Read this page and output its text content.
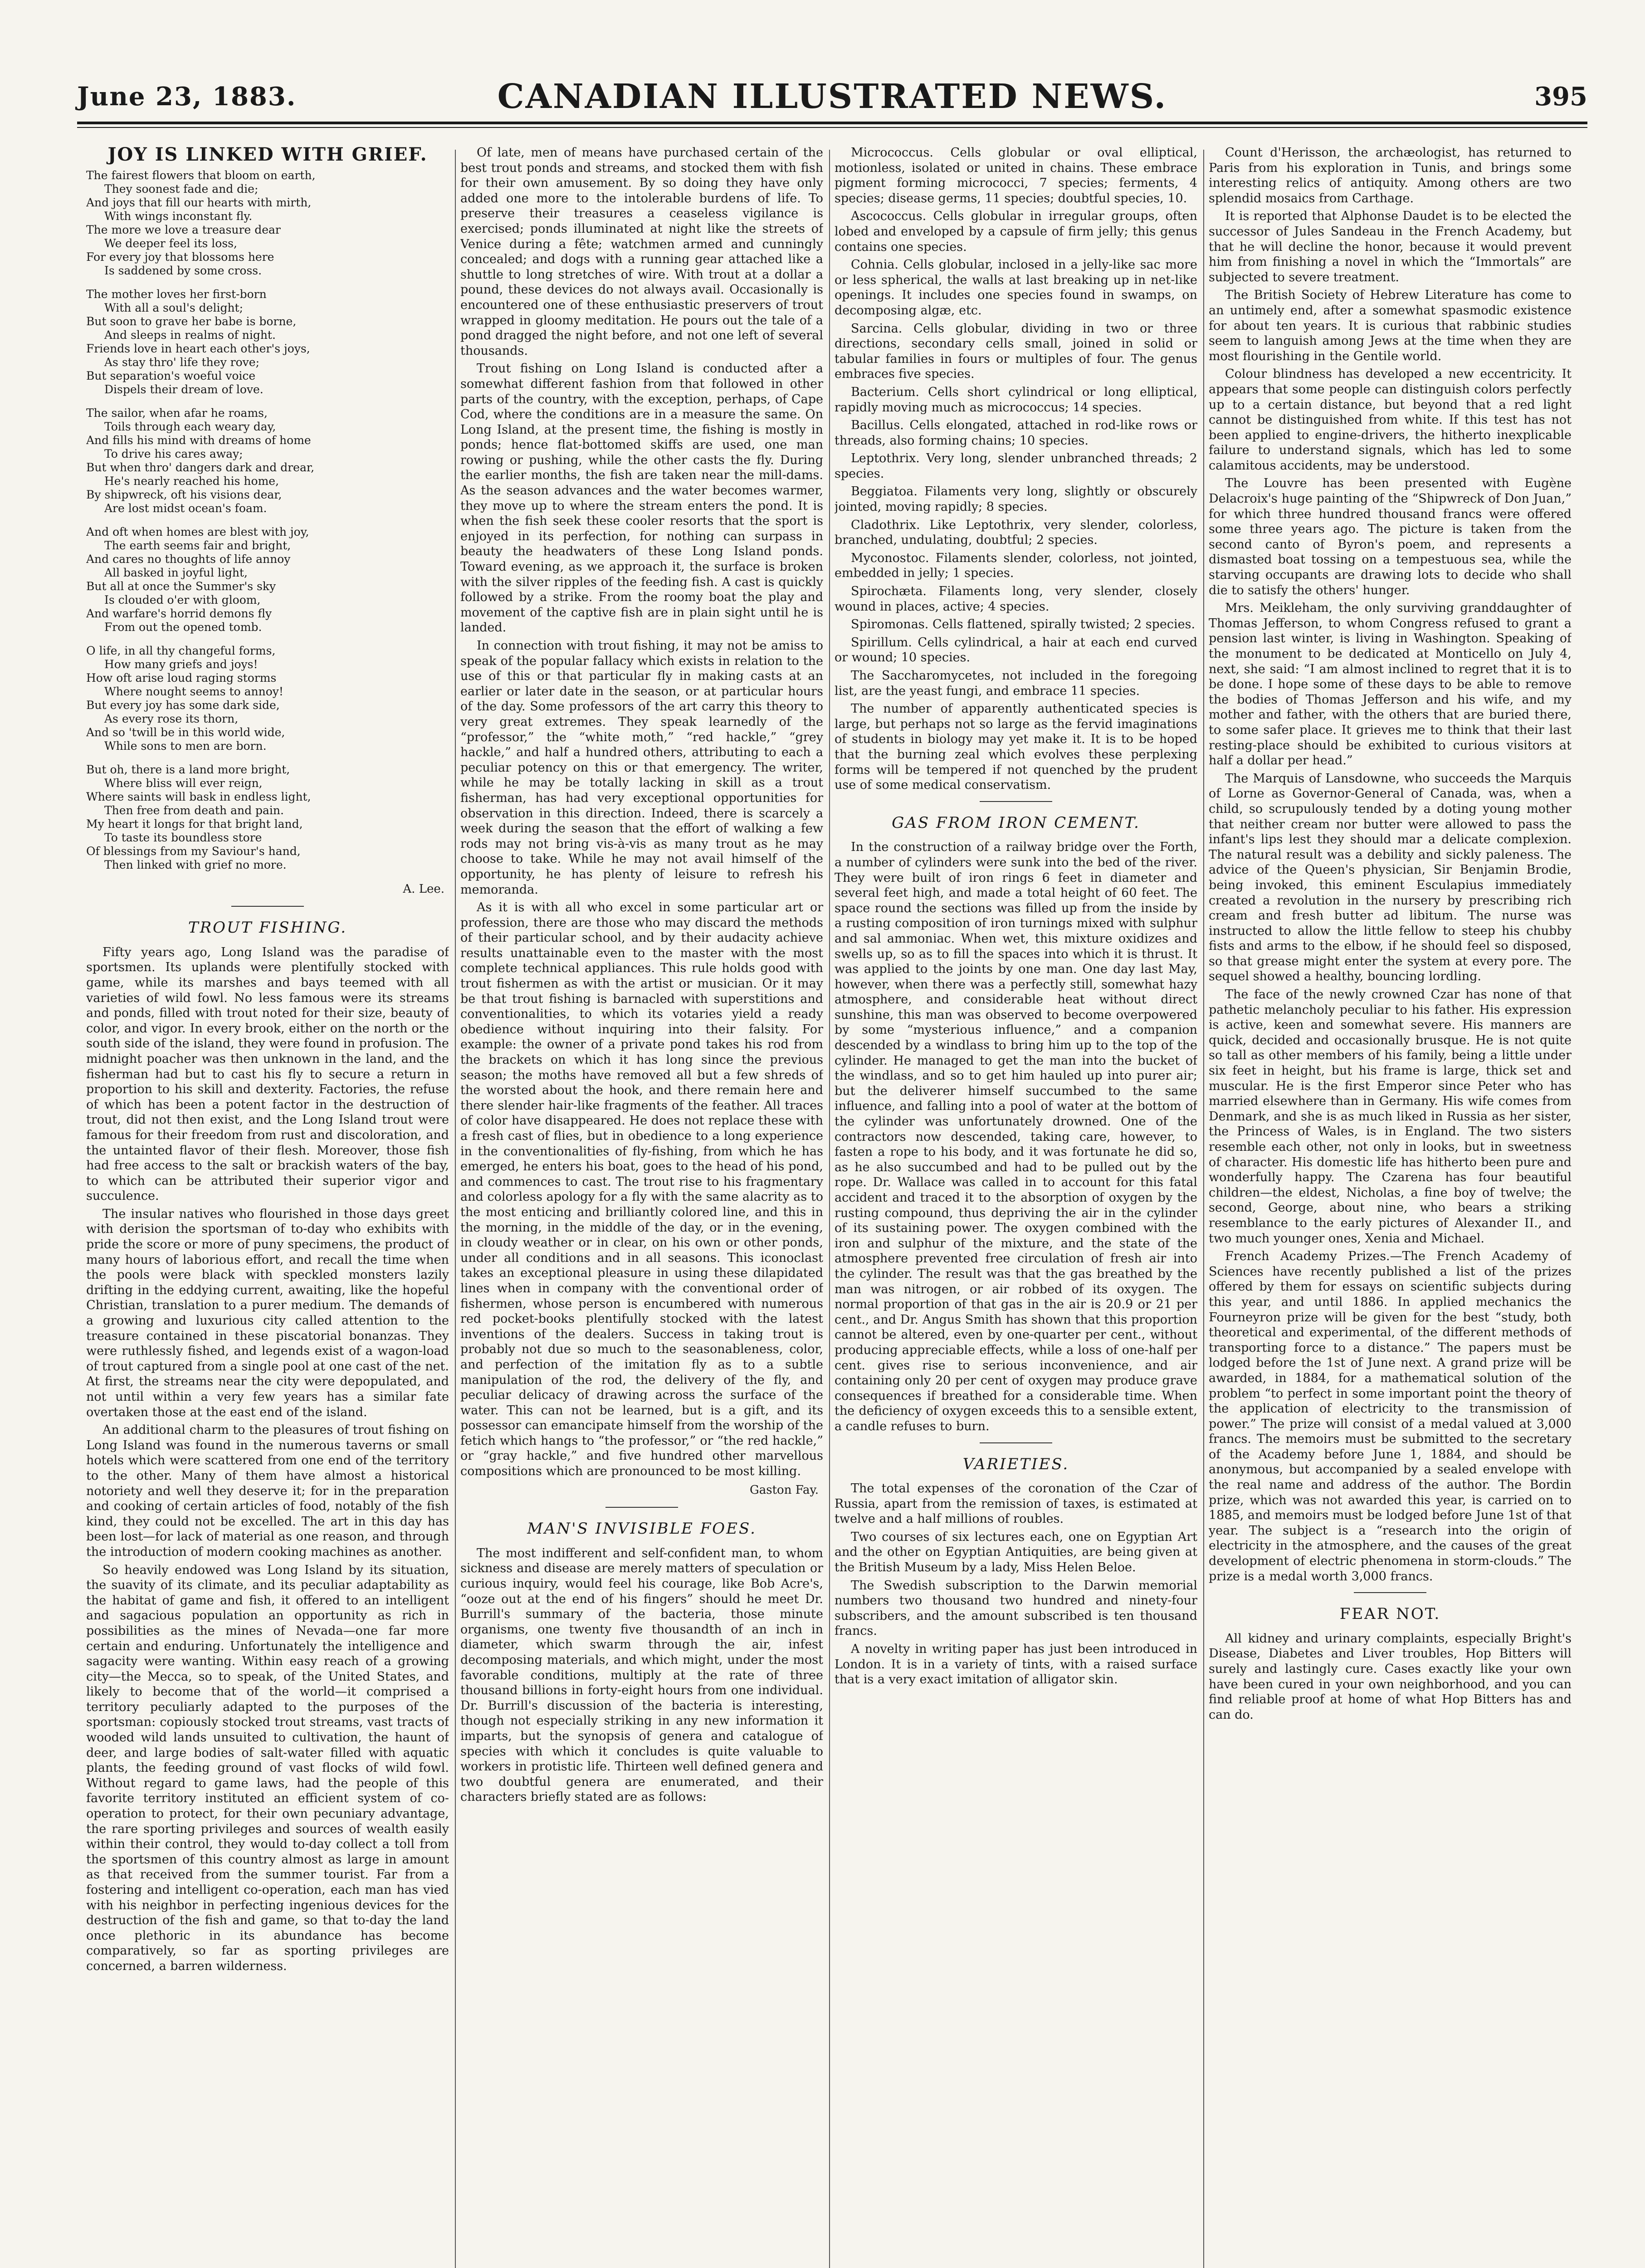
June 23, 1883.	CANADIAN ILLUSTRATED NEWS.	395
JOY IS LINKED WITH GRIEF.
The fairest flowers that bloom on earth,
They soonest fade and die;
And joys that fill our hearts with mirth,
With wings inconstant fly.
The more we love a treasure dear
We deeper feel its loss,
For every joy that blossoms here
Is saddened by some cross.
The mother loves her first-born
With all a soul's delight;
But soon to grave her babe is borne,
And sleeps in realms of night.
Friends love in heart each other's joys,
As stay thro' life they rove;
But separation's woeful voice
Dispels their dream of love.
The sailor, when afar he roams,
Toils through each weary day,
And fills his mind with dreams of home
To drive his cares away;
But when thro' dangers dark and drear,
He's nearly reached his home,
By shipwreck, oft his visions dear,
Are lost midst ocean's foam.
And oft when homes are blest with joy,
The earth seems fair and bright,
And cares no thoughts of life annoy
All basked in joyful light,
But all at once the Summer's sky
Is clouded o'er with gloom,
And warfare's horrid demons fly
From out the opened tomb.
O life, in all thy changeful forms,
How many griefs and joys!
How oft arise loud raging storms
Where nought seems to annoy!
But every joy has some dark side,
As every rose its thorn,
And so 'twill be in this world wide,
While sons to men are born.
But oh, there is a land more bright,
Where bliss will ever reign,
Where saints will bask in endless light,
Then free from death and pain.
My heart it longs for that bright land,
To taste its boundless store
Of blessings from my Saviour's hand,
Then linked with grief no more.
A. Lee.
TROUT FISHING.

Fifty years ago, Long Island was the paradise of sportsmen. Its uplands were plentifully stocked with game, while its marshes and bays teemed with all varieties of wild fowl. No less famous were its streams and ponds, filled with trout noted for their size, beauty of color, and vigor. In every brook, either on the north or the south side of the island, they were found in profusion. The midnight poacher was then unknown in the land, and the fisherman had but to cast his fly to secure a return in proportion to his skill and dexterity. Factories, the refuse of which has been a potent factor in the destruction of trout, did not then exist, and the Long Island trout were famous for their freedom from rust and discoloration, and the untainted flavor of their flesh. Moreover, those fish had free access to the salt or brackish waters of the bay, to which can be attributed their superior vigor and succulence.

The insular natives who flourished in those days greet with derision the sportsman of to-day who exhibits with pride the score or more of puny specimens, the product of many hours of laborious effort, and recall the time when the pools were black with speckled monsters lazily drifting in the eddying current, awaiting, like the hopeful Christian, translation to a purer medium. The demands of a growing and luxurious city called attention to the treasure contained in these piscatorial bonanzas. They were ruthlessly fished, and legends exist of a wagon-load of trout captured from a single pool at one cast of the net. At first, the streams near the city were depopulated, and not until within a very few years has a similar fate overtaken those at the east end of the island.

An additional charm to the pleasures of trout fishing on Long Island was found in the numerous taverns or small hotels which were scattered from one end of the territory to the other. Many of them have almost a historical notoriety and well they deserve it; for in the preparation and cooking of certain articles of food, notably of the fish kind, they could not be excelled. The art in this day has been lost—for lack of material as one reason, and through the introduction of modern cooking machines as another.

So heavily endowed was Long Island by its situation, the suavity of its climate, and its peculiar adaptability as the habitat of game and fish, it offered to an intelligent and sagacious population an opportunity as rich in possibilities as the mines of Nevada—one far more certain and enduring. Unfortunately the intelligence and sagacity were wanting. Within easy reach of a growing city—the Mecca, so to speak, of the United States, and likely to become that of the world—it comprised a territory peculiarly adapted to the purposes of the sportsman: copiously stocked trout streams, vast tracts of wooded wild lands unsuited to cultivation, the haunt of deer, and large bodies of salt-water filled with aquatic plants, the feeding ground of vast flocks of wild fowl. Without regard to game laws, had the people of this favorite territory instituted an efficient system of co-operation to protect, for their own pecuniary advantage, the rare sporting privileges and sources of wealth easily within their control, they would to-day collect a toll from the sportsmen of this country almost as large in amount as that received from the summer tourist. Far from a fostering and intelligent co-operation, each man has vied with his neighbor in perfecting ingenious devices for the destruction of the fish and game, so that to-day the land once plethoric in its abundance has become comparatively, so far as sporting privileges are concerned, a barren wilderness.

Of late, men of means have purchased certain of the best trout ponds and streams, and stocked them with fish for their own amusement. By so doing they have only added one more to the intolerable burdens of life. To preserve their treasures a ceaseless vigilance is exercised; ponds illuminated at night like the streets of Venice during a fête; watchmen armed and cunningly concealed; and dogs with a running gear attached like a shuttle to long stretches of wire. With trout at a dollar a pound, these devices do not always avail. Occasionally is encountered one of these enthusiastic preservers of trout wrapped in gloomy meditation. He pours out the tale of a pond dragged the night before, and not one left of several thousands.

Trout fishing on Long Island is conducted after a somewhat different fashion from that followed in other parts of the country, with the exception, perhaps, of Cape Cod, where the conditions are in a measure the same. On Long Island, at the present time, the fishing is mostly in ponds; hence flat-bottomed skiffs are used, one man rowing or pushing, while the other casts the fly. During the earlier months, the fish are taken near the mill-dams. As the season advances and the water becomes warmer, they move up to where the stream enters the pond. It is when the fish seek these cooler resorts that the sport is enjoyed in its perfection, for nothing can surpass in beauty the headwaters of these Long Island ponds. Toward evening, as we approach it, the surface is broken with the silver ripples of the feeding fish. A cast is quickly followed by a strike. From the roomy boat the play and movement of the captive fish are in plain sight until he is landed.

In connection with trout fishing, it may not be amiss to speak of the popular fallacy which exists in relation to the use of this or that particular fly in making casts at an earlier or later date in the season, or at particular hours of the day. Some professors of the art carry this theory to very great extremes. They speak learnedly of the “professor,” the “white moth,” “red hackle,” “grey hackle,” and half a hundred others, attributing to each a peculiar potency on this or that emergency. The writer, while he may be totally lacking in skill as a trout fisherman, has had very exceptional opportunities for observation in this direction. Indeed, there is scarcely a week during the season that the effort of walking a few rods may not bring vis-à-vis as many trout as he may choose to take. While he may not avail himself of the opportunity, he has plenty of leisure to refresh his memoranda.

As it is with all who excel in some particular art or profession, there are those who may discard the methods of their particular school, and by their audacity achieve results unattainable even to the master with the most complete technical appliances. This rule holds good with trout fishermen as with the artist or musician. Or it may be that trout fishing is barnacled with superstitions and conventionalities, to which its votaries yield a ready obedience without inquiring into their falsity. For example: the owner of a private pond takes his rod from the brackets on which it has long since the previous season; the moths have removed all but a few shreds of the worsted about the hook, and there remain here and there slender hair-like fragments of the feather. All traces of color have disappeared. He does not replace these with a fresh cast of flies, but in obedience to a long experience in the conventionalities of fly-fishing, from which he has emerged, he enters his boat, goes to the head of his pond, and commences to cast. The trout rise to his fragmentary and colorless apology for a fly with the same alacrity as to the most enticing and brilliantly colored line, and this in the morning, in the middle of the day, or in the evening, in cloudy weather or in clear, on his own or other ponds, under all conditions and in all seasons. This iconoclast takes an exceptional pleasure in using these dilapidated lines when in company with the conventional order of fishermen, whose person is encumbered with numerous red pocket-books plentifully stocked with the latest inventions of the dealers. Success in taking trout is probably not due so much to the seasonableness, color, and perfection of the imitation fly as to a subtle manipulation of the rod, the delivery of the fly, and peculiar delicacy of drawing across the surface of the water. This can not be learned, but is a gift, and its possessor can emancipate himself from the worship of the fetich which hangs to “the professor,” or “the red hackle,” or “gray hackle,” and five hundred other marvellous compositions which are pronounced to be most killing.

Gaston Fay.
MAN'S INVISIBLE FOES.

The most indifferent and self-confident man, to whom sickness and disease are merely matters of speculation or curious inquiry, would feel his courage, like Bob Acre's, “ooze out at the end of his fingers” should he meet Dr. Burrill's summary of the bacteria, those minute organisms, one twenty five thousandth of an inch in diameter, which swarm through the air, infest decomposing materials, and which might, under the most favorable conditions, multiply at the rate of three thousand billions in forty-eight hours from one individual. Dr. Burrill's discussion of the bacteria is interesting, though not especially striking in any new information it imparts, but the synopsis of genera and catalogue of species with which it concludes is quite valuable to workers in protistic life. Thirteen well defined genera and two doubtful genera are enumerated, and their characters briefly stated are as follows:

Micrococcus. Cells globular or oval elliptical, motionless, isolated or united in chains. These embrace pigment forming micrococci, 7 species; ferments, 4 species; disease germs, 11 species; doubtful species, 10.

Ascococcus. Cells globular in irregular groups, often lobed and enveloped by a capsule of firm jelly; this genus contains one species.

Cohnia. Cells globular, inclosed in a jelly-like sac more or less spherical, the walls at last breaking up in net-like openings. It includes one species found in swamps, on decomposing algæ, etc.

Sarcina. Cells globular, dividing in two or three directions, secondary cells small, joined in solid or tabular families in fours or multiples of four. The genus embraces five species.

Bacterium. Cells short cylindrical or long elliptical, rapidly moving much as micrococcus; 14 species.

Bacillus. Cells elongated, attached in rod-like rows or threads, also forming chains; 10 species.

Leptothrix. Very long, slender unbranched threads; 2 species.

Beggiatoa. Filaments very long, slightly or obscurely jointed, moving rapidly; 8 species.

Cladothrix. Like Leptothrix, very slender, colorless, branched, undulating, doubtful; 2 species.

Myconostoc. Filaments slender, colorless, not jointed, embedded in jelly; 1 species.

Spirochæta. Filaments long, very slender, closely wound in places, active; 4 species.

Spiromonas. Cells flattened, spirally twisted; 2 species.

Spirillum. Cells cylindrical, a hair at each end curved or wound; 10 species.

The Saccharomycetes, not included in the foregoing list, are the yeast fungi, and embrace 11 species.

The number of apparently authenticated species is large, but perhaps not so large as the fervid imaginations of students in biology may yet make it. It is to be hoped that the burning zeal which evolves these perplexing forms will be tempered if not quenched by the prudent use of some medical conservatism.

GAS FROM IRON CEMENT.

In the construction of a railway bridge over the Forth, a number of cylinders were sunk into the bed of the river. They were built of iron rings 6 feet in diameter and several feet high, and made a total height of 60 feet. The space round the sections was filled up from the inside by a rusting composition of iron turnings mixed with sulphur and sal ammoniac. When wet, this mixture oxidizes and swells up, so as to fill the spaces into which it is thrust. It was applied to the joints by one man. One day last May, however, when there was a perfectly still, somewhat hazy atmosphere, and considerable heat without direct sunshine, this man was observed to become overpowered by some “mysterious influence,” and a companion descended by a windlass to bring him up to the top of the cylinder. He managed to get the man into the bucket of the windlass, and so to get him hauled up into purer air; but the deliverer himself succumbed to the same influence, and falling into a pool of water at the bottom of the cylinder was unfortunately drowned. One of the contractors now descended, taking care, however, to fasten a rope to his body, and it was fortunate he did so, as he also succumbed and had to be pulled out by the rope. Dr. Wallace was called in to account for this fatal accident and traced it to the absorption of oxygen by the rusting compound, thus depriving the air in the cylinder of its sustaining power. The oxygen combined with the iron and sulphur of the mixture, and the state of the atmosphere prevented free circulation of fresh air into the cylinder. The result was that the gas breathed by the man was nitrogen, or air robbed of its oxygen. The normal proportion of that gas in the air is 20.9 or 21 per cent., and Dr. Angus Smith has shown that this proportion cannot be altered, even by one-quarter per cent., without producing appreciable effects, while a loss of one-half per cent. gives rise to serious inconvenience, and air containing only 20 per cent of oxygen may produce grave consequences if breathed for a considerable time. When the deficiency of oxygen exceeds this to a sensible extent, a candle refuses to burn.

VARIETIES.

The total expenses of the coronation of the Czar of Russia, apart from the remission of taxes, is estimated at twelve and a half millions of roubles.

Two courses of six lectures each, one on Egyptian Art and the other on Egyptian Antiquities, are being given at the British Museum by a lady, Miss Helen Beloe.

The Swedish subscription to the Darwin memorial numbers two thousand two hundred and ninety-four subscribers, and the amount subscribed is ten thousand francs.

A novelty in writing paper has just been introduced in London. It is in a variety of tints, with a raised surface that is a very exact imitation of alligator skin.

Count d'Herisson, the archæologist, has returned to Paris from his exploration in Tunis, and brings some interesting relics of antiquity. Among others are two splendid mosaics from Carthage.

It is reported that Alphonse Daudet is to be elected the successor of Jules Sandeau in the French Academy, but that he will decline the honor, because it would prevent him from finishing a novel in which the “Immortals” are subjected to severe treatment.

The British Society of Hebrew Literature has come to an untimely end, after a somewhat spasmodic existence for about ten years. It is curious that rabbinic studies seem to languish among Jews at the time when they are most flourishing in the Gentile world.

Colour blindness has developed a new eccentricity. It appears that some people can distinguish colors perfectly up to a certain distance, but beyond that a red light cannot be distinguished from white. If this test has not been applied to engine-drivers, the hitherto inexplicable failure to understand signals, which has led to some calamitous accidents, may be understood.

The Louvre has been presented with Eugène Delacroix's huge painting of the “Shipwreck of Don Juan,” for which three hundred thousand francs were offered some three years ago. The picture is taken from the second canto of Byron's poem, and represents a dismasted boat tossing on a tempestuous sea, while the starving occupants are drawing lots to decide who shall die to satisfy the others' hunger.

Mrs. Meikleham, the only surviving granddaughter of Thomas Jefferson, to whom Congress refused to grant a pension last winter, is living in Washington. Speaking of the monument to be dedicated at Monticello on July 4, next, she said: “I am almost inclined to regret that it is to be done. I hope some of these days to be able to remove the bodies of Thomas Jefferson and his wife, and my mother and father, with the others that are buried there, to some safer place. It grieves me to think that their last resting-place should be exhibited to curious visitors at half a dollar per head.”

The Marquis of Lansdowne, who succeeds the Marquis of Lorne as Governor-General of Canada, was, when a child, so scrupulously tended by a doting young mother that neither cream nor butter were allowed to pass the infant's lips lest they should mar a delicate complexion. The natural result was a debility and sickly paleness. The advice of the Queen's physician, Sir Benjamin Brodie, being invoked, this eminent Esculapius immediately created a revolution in the nursery by prescribing rich cream and fresh butter ad libitum. The nurse was instructed to allow the little fellow to steep his chubby fists and arms to the elbow, if he should feel so disposed, so that grease might enter the system at every pore. The sequel showed a healthy, bouncing lordling.

The face of the newly crowned Czar has none of that pathetic melancholy peculiar to his father. His expression is active, keen and somewhat severe. His manners are quick, decided and occasionally brusque. He is not quite so tall as other members of his family, being a little under six feet in height, but his frame is large, thick set and muscular. He is the first Emperor since Peter who has married elsewhere than in Germany. His wife comes from Denmark, and she is as much liked in Russia as her sister, the Princess of Wales, is in England. The two sisters resemble each other, not only in looks, but in sweetness of character. His domestic life has hitherto been pure and wonderfully happy. The Czarena has four beautiful children—the eldest, Nicholas, a fine boy of twelve; the second, George, about nine, who bears a striking resemblance to the early pictures of Alexander II., and two much younger ones, Xenia and Michael.

French Academy Prizes.—The French Academy of Sciences have recently published a list of the prizes offered by them for essays on scientific subjects during this year, and until 1886. In applied mechanics the Fourneyron prize will be given for the best “study, both theoretical and experimental, of the different methods of transporting force to a distance.” The papers must be lodged before the 1st of June next. A grand prize will be awarded, in 1884, for a mathematical solution of the problem “to perfect in some important point the theory of the application of electricity to the transmission of power.” The prize will consist of a medal valued at 3,000 francs. The memoirs must be submitted to the secretary of the Academy before June 1, 1884, and should be anonymous, but accompanied by a sealed envelope with the real name and address of the author. The Bordin prize, which was not awarded this year, is carried on to 1885, and memoirs must be lodged before June 1st of that year. The subject is a “research into the origin of electricity in the atmosphere, and the causes of the great development of electric phenomena in storm-clouds.” The prize is a medal worth 3,000 francs.

FEAR NOT.

All kidney and urinary complaints, especially Bright's Disease, Diabetes and Liver troubles, Hop Bitters will surely and lastingly cure. Cases exactly like your own have been cured in your own neighborhood, and you can find reliable proof at home of what Hop Bitters has and can do.
